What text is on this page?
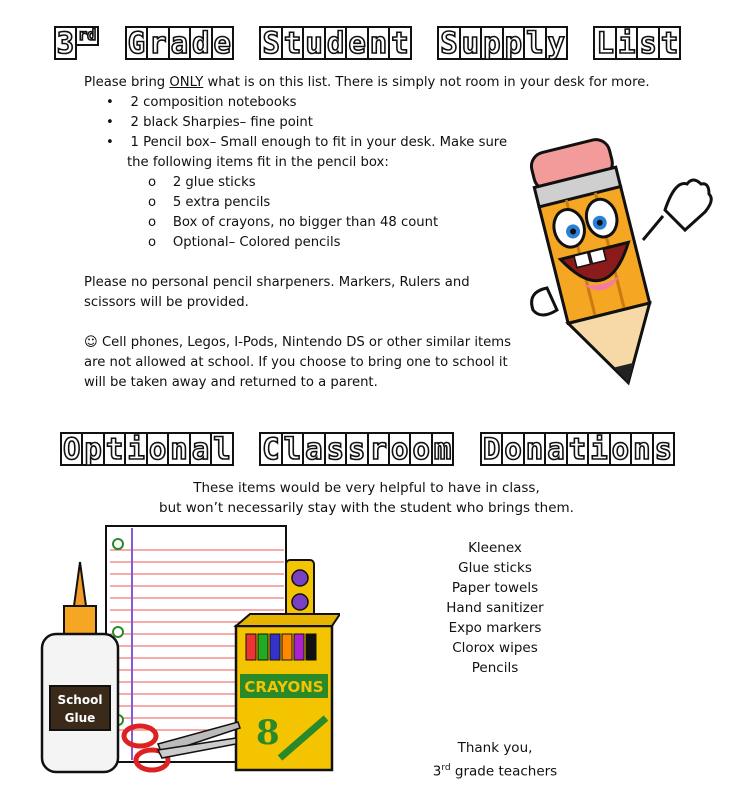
3 rd G r a d e S t u d e n t S u p p l y L i s t
Please bring ONLY what is on this list. There is simply not room in your desk for more.
•    2 composition notebooks
•    2 black Sharpies– fine point
•    1 Pencil box– Small enough to fit in your desk. Make sure
the following items fit in the pencil box:
o    2 glue sticks
o    5 extra pencils
o    Box of crayons, no bigger than 48 count
o    Optional– Colored pencils
Please no personal pencil sharpeners. Markers, Rulers and
scissors will be provided.
☺ Cell phones, Legos, I-Pods, Nintendo DS or other similar items
are not allowed at school. If you choose to bring one to school it
will be taken away and returned to a parent.
O p t i o n a l C l a s s r o o m D o n a t i o n s
These items would be very helpful to have in class,
but won’t necessarily stay with the student who brings them.
Kleenex
Glue sticks
Paper towels
Hand sanitizer
Expo markers
Clorox wipes
Pencils
Thank you,
3rd grade teachers
CRAYONS
8
School
Glue
